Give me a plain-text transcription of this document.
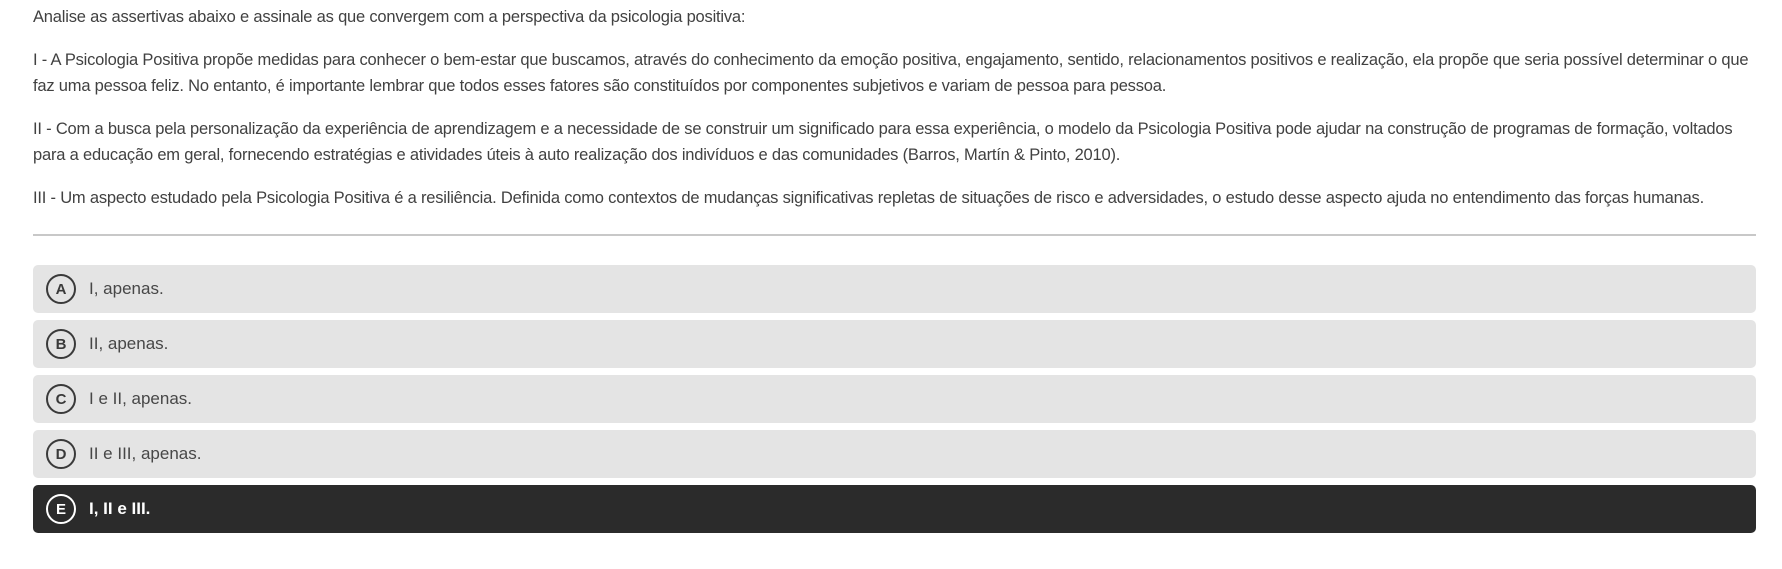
Analise as assertivas abaixo e assinale as que convergem com a perspectiva da psicologia positiva:

I - A Psicologia Positiva propõe medidas para conhecer o bem-estar que buscamos, através do conhecimento da emoção positiva, engajamento, sentido, relacionamentos positivos e realização, ela propõe que seria possível determinar o que faz uma pessoa feliz. No entanto, é importante lembrar que todos esses fatores são constituídos por componentes subjetivos e variam de pessoa para pessoa.

II - Com a busca pela personalização da experiência de aprendizagem e a necessidade de se construir um significado para essa experiência, o modelo da Psicologia Positiva pode ajudar na construção de programas de formação, voltados para a educação em geral, fornecendo estratégias e atividades úteis à auto realização dos indivíduos e das comunidades (Barros, Martín & Pinto, 2010).

III - Um aspecto estudado pela Psicologia Positiva é a resiliência. Definida como contextos de mudanças significativas repletas de situações de risco e adversidades, o estudo desse aspecto ajuda no entendimento das forças humanas.

A	I, apenas.
B	II, apenas.
C	I e II, apenas.
D	II e III, apenas.
E	I, II e III.
